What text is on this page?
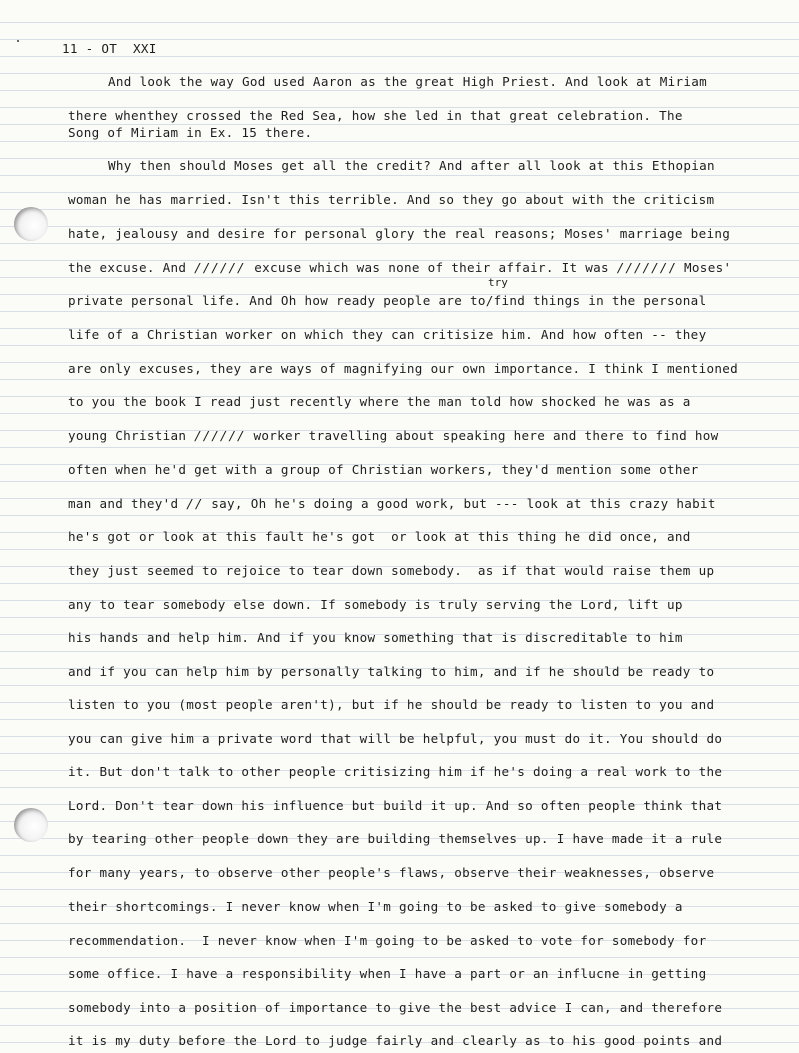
11 - OT  XXI
try
And look the way God used Aaron as the great High Priest. And look at Miriam
there whenthey crossed the Red Sea, how she led in that great celebration. The
Song of Miriam in Ex. 15 there.
Why then should Moses get all the credit? And after all look at this Ethopian
woman he has married. Isn't this terrible. And so they go about with the criticism
hate, jealousy and desire for personal glory the real reasons; Moses' marriage being
the excuse. And ////// excuse which was none of their affair. It was /////// Moses'
private personal life. And Oh how ready people are to/find things in the personal
life of a Christian worker on which they can critisize him. And how often -- they
are only excuses, they are ways of magnifying our own importance. I think I mentioned
to you the book I read just recently where the man told how shocked he was as a
young Christian ////// worker travelling about speaking here and there to find how
often when he'd get with a group of Christian workers, they'd mention some other
man and they'd // say, Oh he's doing a good work, but --- look at this crazy habit
he's got or look at this fault he's got  or look at this thing he did once, and
they just seemed to rejoice to tear down somebody.  as if that would raise them up
any to tear somebody else down. If somebody is truly serving the Lord, lift up
his hands and help him. And if you know something that is discreditable to him
and if you can help him by personally talking to him, and if he should be ready to
listen to you (most people aren't), but if he should be ready to listen to you and
you can give him a private word that will be helpful, you must do it. You should do
it. But don't talk to other people critisizing him if he's doing a real work to the
Lord. Don't tear down his influence but build it up. And so often people think that
by tearing other people down they are building themselves up. I have made it a rule
for many years, to observe other people's flaws, observe their weaknesses, observe
their shortcomings. I never know when I'm going to be asked to give somebody a
recommendation.  I never know when I'm going to be asked to vote for somebody for
some office. I have a responsibility when I have a part or an influcne in getting
somebody into a position of importance to give the best advice I can, and therefore
it is my duty before the Lord to judge fairly and clearly as to his good points and
